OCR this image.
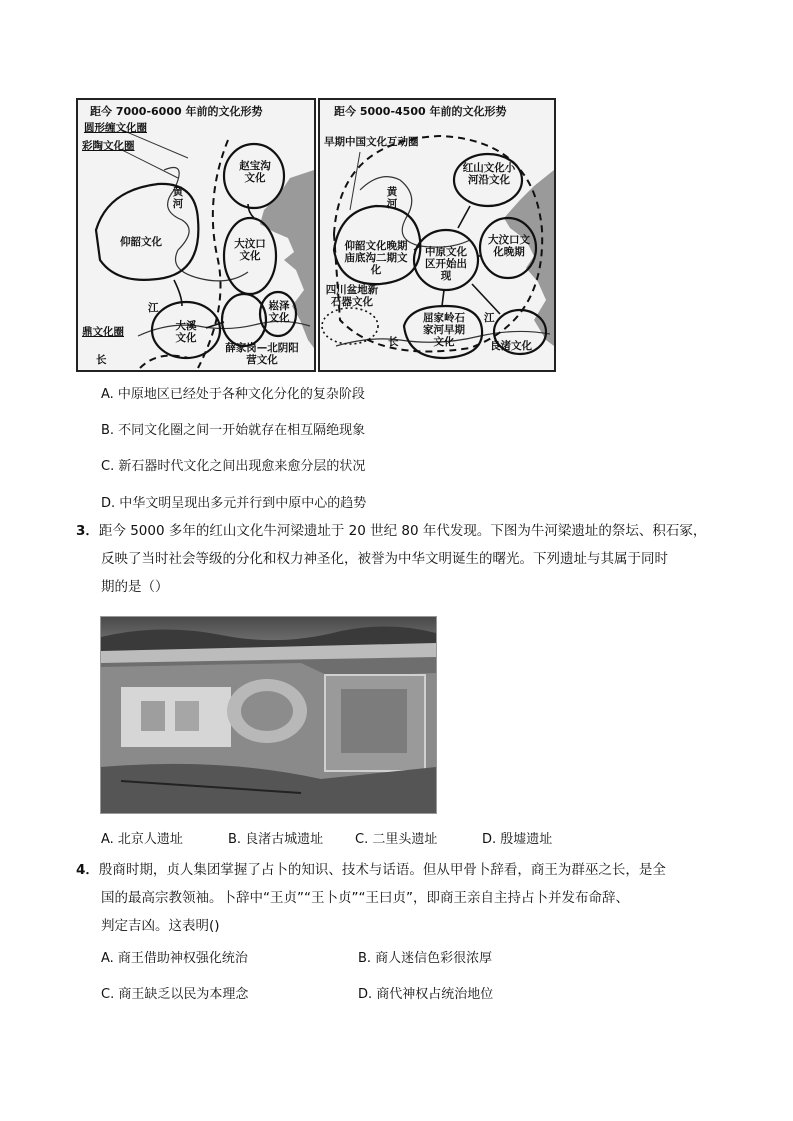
距今 7000-6000 年前的文化形势
圆形缠文化圈
彩陶文化圈
赵宝沟文化
黄河
仰韶文化	大汶口文化
崧泽文化
大溪文化
江
长
鼎文化圈
薛家岗—北阴阳营文化
距今 5000-4500 年前的文化形势
早期中国文化互动圈
红山文化小河沿文化
黄河
仰韶文化晚期庙底沟二期文化
中原文化区开始出现
大汶口文化晚期
四川盆地新石器文化
屈家岭石家河早期文化	良渚文化
江
长
A. 中原地区已经处于各种文化分化的复杂阶段
B. 不同文化圈之间一开始就存在相互隔绝现象
C. 新石器时代文化之间出现愈来愈分层的状况
D. 中华文明呈现出多元并行到中原中心的趋势
3．距今 5000 多年的红山文化牛河梁遗址于 20 世纪 80 年代发现。下图为牛河梁遗址的祭坛、积石冢，
反映了当时社会等级的分化和权力神圣化，被誉为中华文明诞生的曙光。下列遗址与其属于同时
期的是（）
A. 北京人遗址	B. 良渚古城遗址 C. 二里头遗址	D. 殷墟遗址
4．殷商时期，贞人集团掌握了占卜的知识、技术与话语。但从甲骨卜辞看，商王为群巫之长，是全
国的最高宗教领袖。卜辞中“王贞”“王卜贞”“王曰贞”，即商王亲自主持占卜并发布命辞、
判定吉凶。这表明()
A. 商王借助神权强化统治	B. 商人迷信色彩很浓厚
C. 商王缺乏以民为本理念	D. 商代神权占统治地位
